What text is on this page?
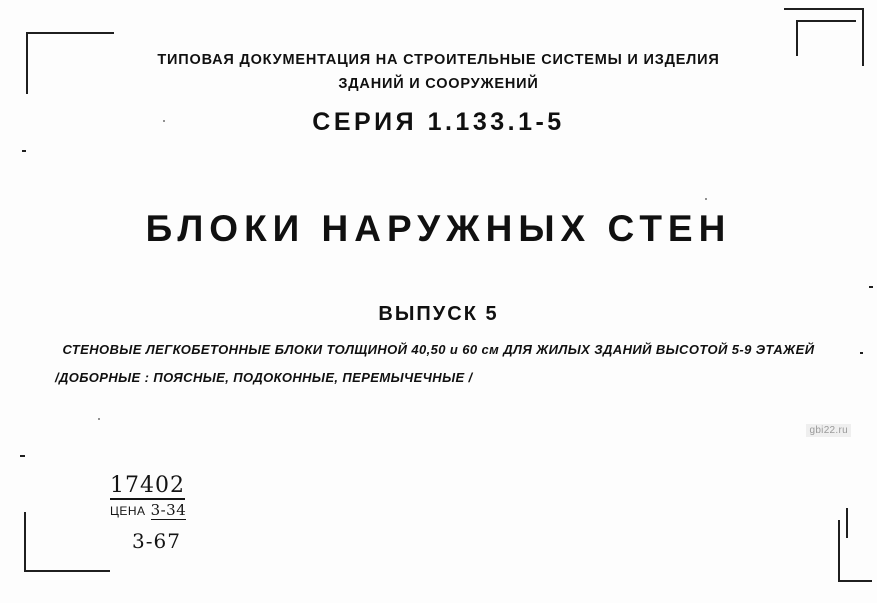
ТИПОВАЯ ДОКУМЕНТАЦИЯ НА СТРОИТЕЛЬНЫЕ СИСТЕМЫ И ИЗДЕЛИЯ
ЗДАНИЙ И СООРУЖЕНИЙ
СЕРИЯ 1.133.1-5
БЛОКИ НАРУЖНЫХ СТЕН
ВЫПУСК 5
СТЕНОВЫЕ ЛЕГКОБЕТОННЫЕ БЛОКИ ТОЛЩИНОЙ 40,50 и 60 см ДЛЯ ЖИЛЫХ ЗДАНИЙ ВЫСОТОЙ 5-9 ЭТАЖЕЙ
/ДОБОРНЫЕ : ПОЯСНЫЕ, ПОДОКОННЫЕ, ПЕРЕМЫЧЕЧНЫЕ /
17402
ЦЕНА 3-34
3-67
gbi22.ru
